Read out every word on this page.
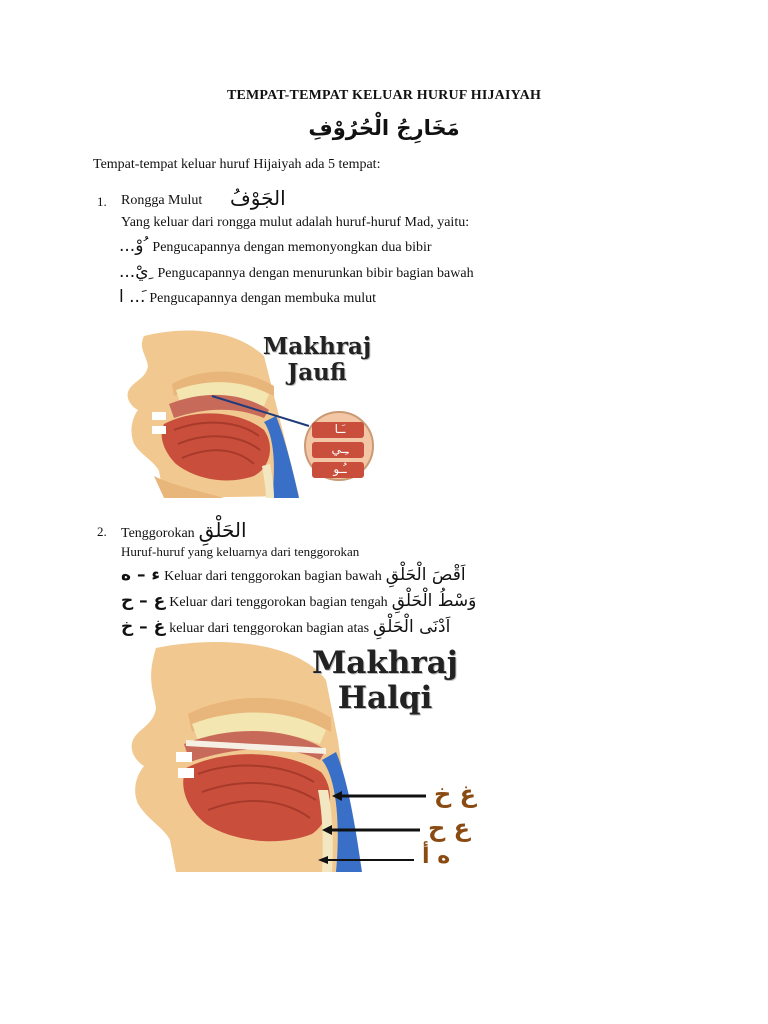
TEMPAT-TEMPAT KELUAR HURUF HIJAIYAH
مَخَارِجُ الْحُرُوْفِ
Tempat-tempat keluar huruf Hijaiyah ada 5 tempat:
1. Rongga Mulut الجَوْفُ
Yang keluar dari rongga mulut adalah huruf-huruf Mad, yaitu:
...وْ ُ Pengucapannya dengan memonyongkan dua bibir
...يْ ِ Pengucapannya dengan menurunkan bibir bagian bawah
ا ...َ Pengucapannya dengan membuka mulut
Makhraj
Jaufi
ـَـا
ـِـي
ـُـو
2. Tenggorokan الحَلْقِ
Huruf-huruf yang keluarnya dari tenggorokan
ء – ه Keluar dari tenggorokan bagian bawah اَقْصَ الْحَلْقِ
ع – ح Keluar dari tenggorokan bagian tengah وَسْطُ الْحَلْقِ
غ – خ keluar dari tenggorokan bagian atas اَدْنَى الْحَلْقِ
Makhraj
Halqi
غ خ
ع ح
ه أ
